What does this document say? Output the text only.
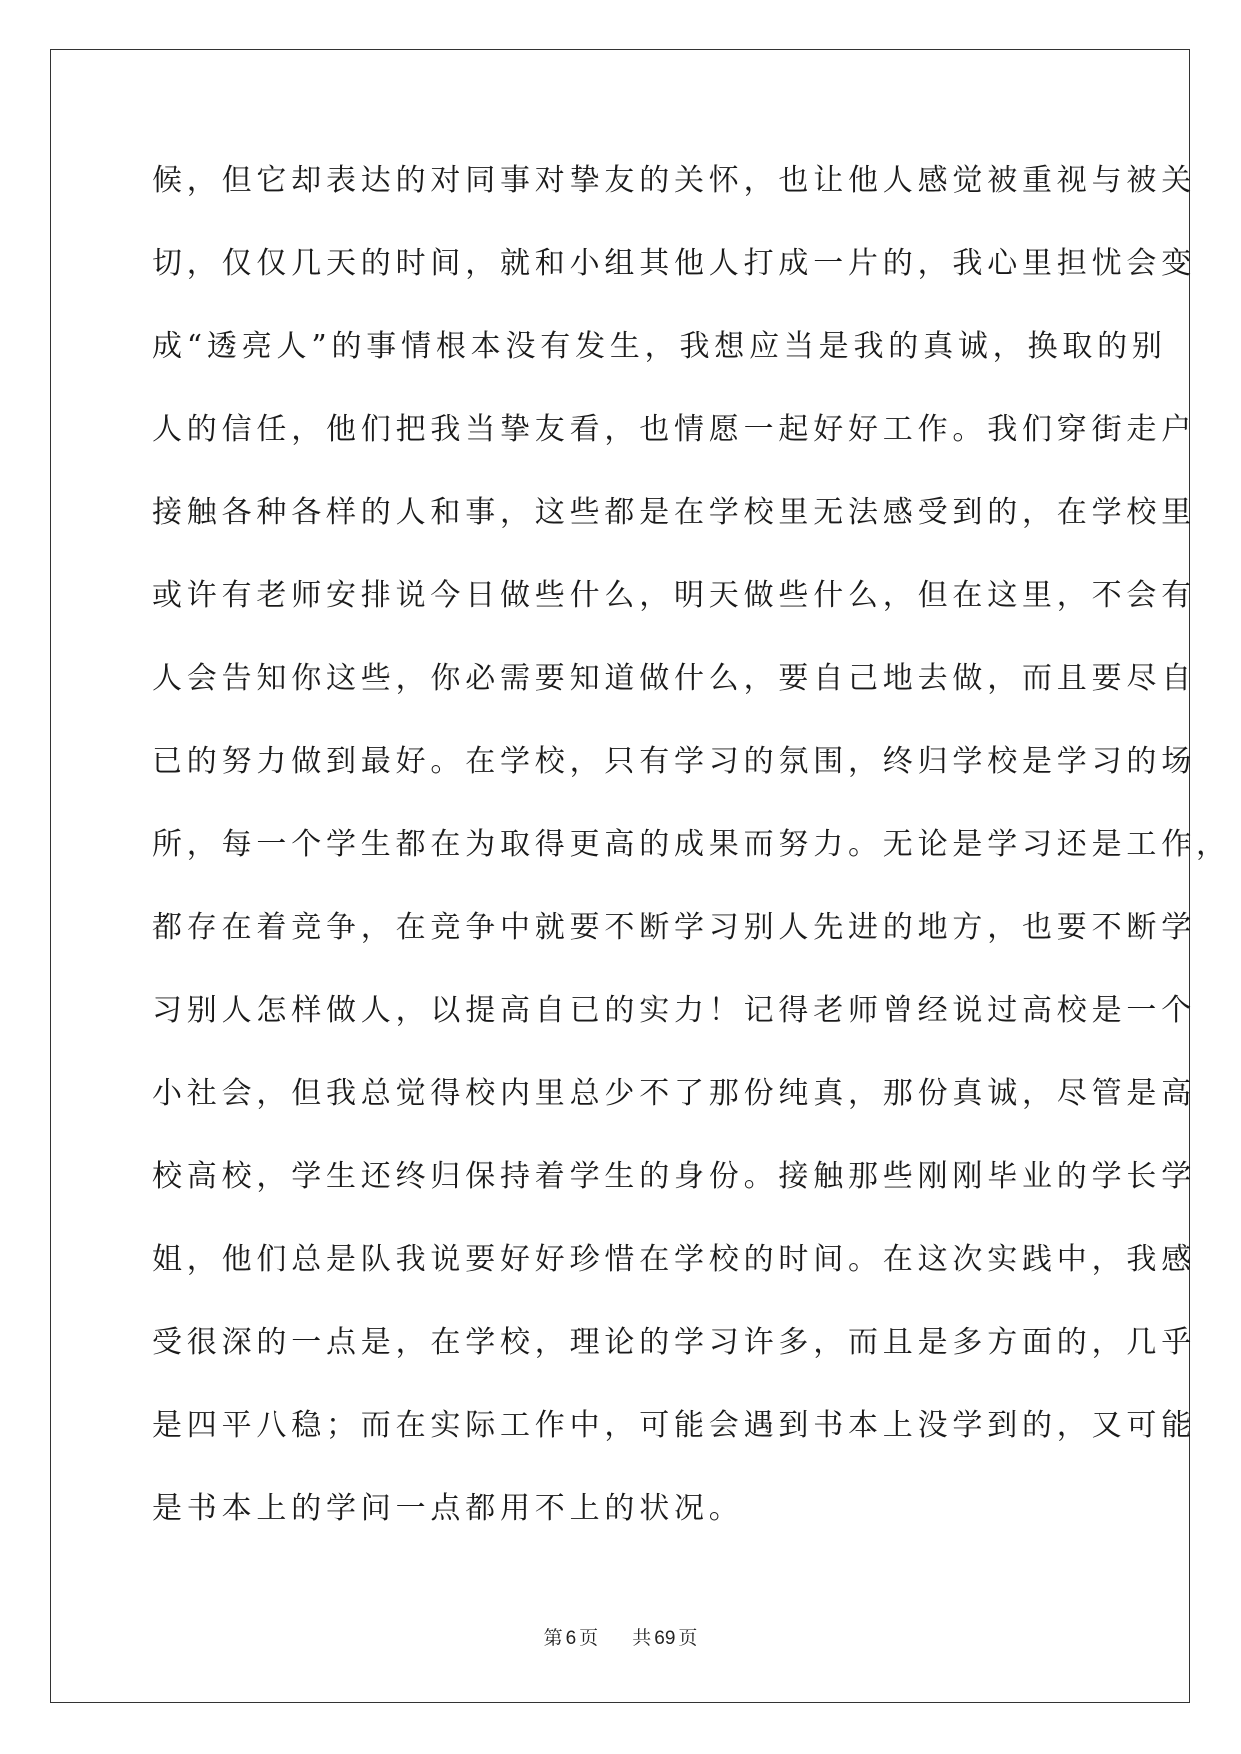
候，但它却表达的对同事对挚友的关怀，也让他人感觉被重视与被关
切，仅仅几天的时间，就和小组其他人打成一片的，我心里担忧会变
成“透亮人”的事情根本没有发生，我想应当是我的真诚，换取的别
人的信任，他们把我当挚友看，也情愿一起好好工作。我们穿街走户
接触各种各样的人和事，这些都是在学校里无法感受到的，在学校里
或许有老师安排说今日做些什么，明天做些什么，但在这里，不会有
人会告知你这些，你必需要知道做什么，要自己地去做，而且要尽自
已的努力做到最好。在学校，只有学习的氛围，终归学校是学习的场
所，每一个学生都在为取得更高的成果而努力。无论是学习还是工作，
都存在着竞争，在竞争中就要不断学习别人先进的地方，也要不断学
习别人怎样做人，以提高自已的实力！记得老师曾经说过高校是一个
小社会，但我总觉得校内里总少不了那份纯真，那份真诚，尽管是高
校高校，学生还终归保持着学生的身份。接触那些刚刚毕业的学长学
姐，他们总是队我说要好好珍惜在学校的时间。在这次实践中，我感
受很深的一点是，在学校，理论的学习许多，而且是多方面的，几乎
是四平八稳；而在实际工作中，可能会遇到书本上没学到的，又可能
是书本上的学问一点都用不上的状况。
第 6 页 共 69 页
